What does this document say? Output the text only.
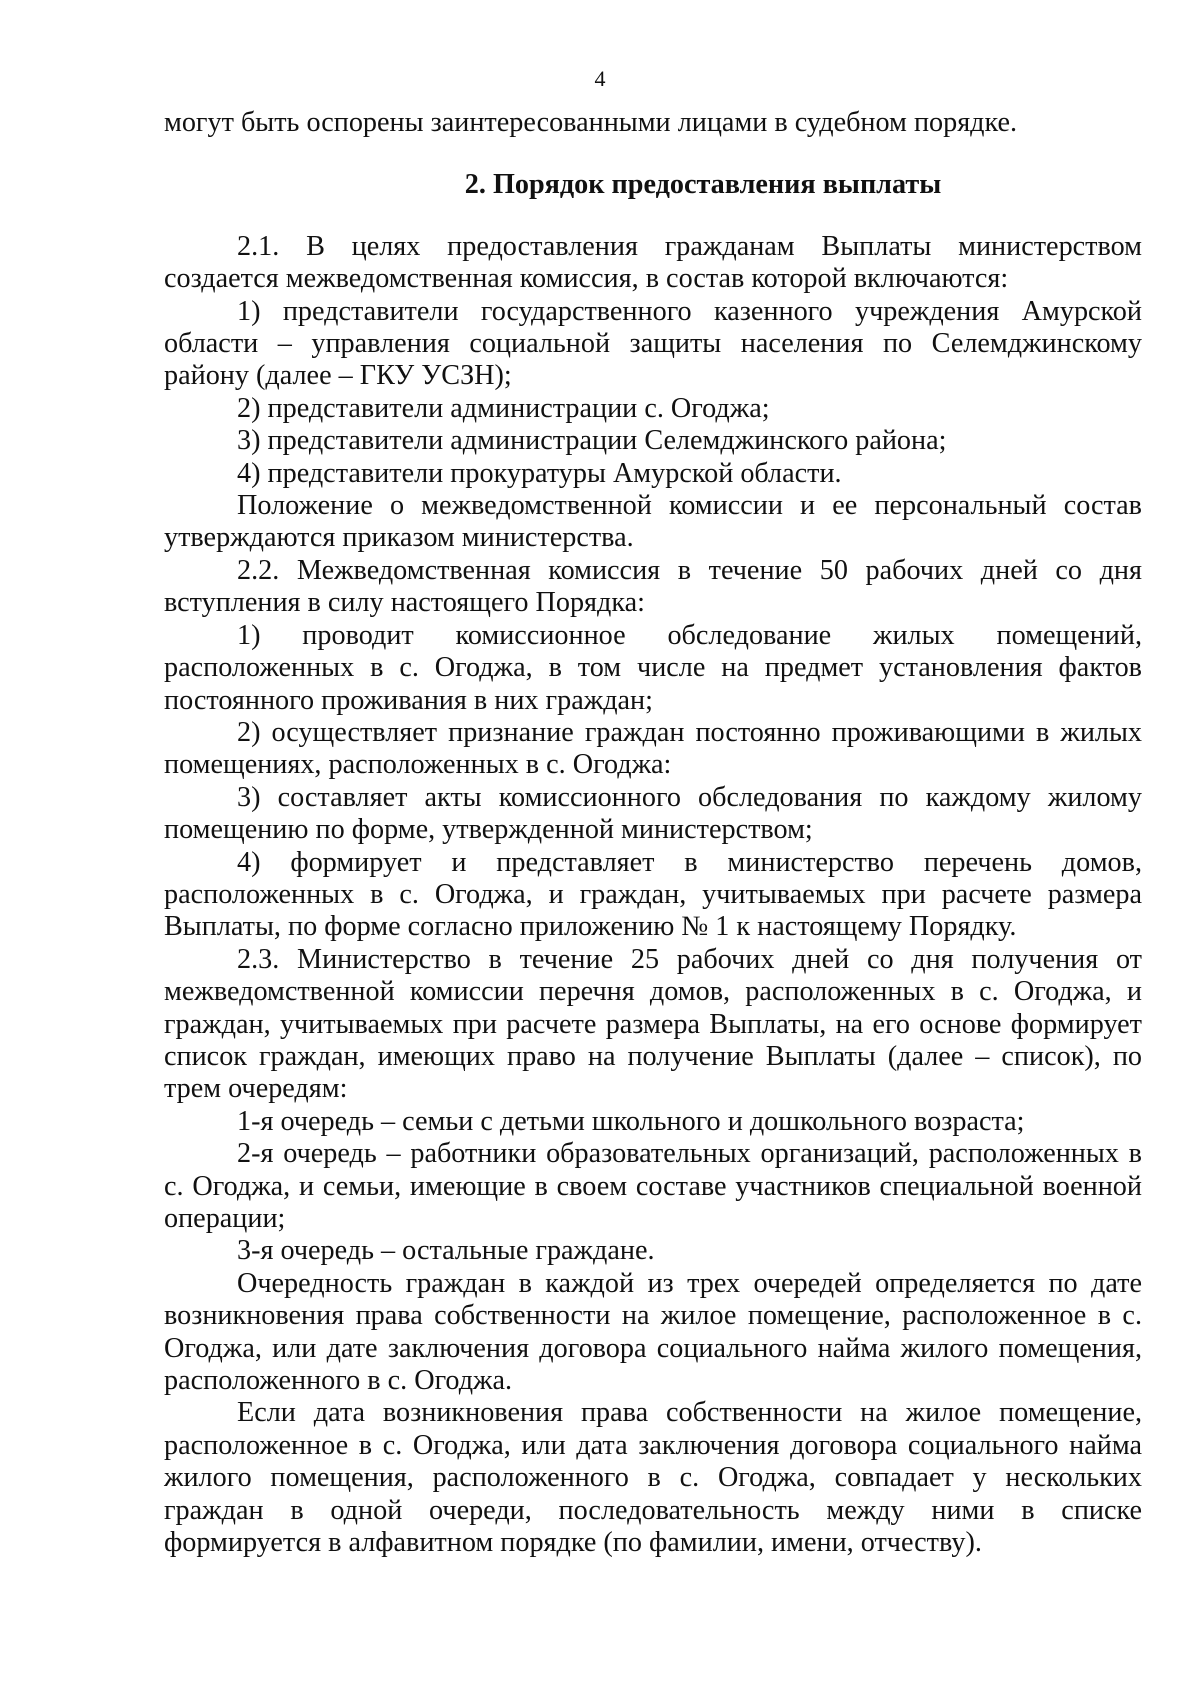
4

могут быть оспорены заинтересованными лицами в судебном порядке.

2. Порядок предоставления выплаты

2.1. В целях предоставления гражданам Выплаты министерством создается межведомственная комиссия, в состав которой включаются:

1) представители государственного казенного учреждения Амурской области – управления социальной защиты населения по Селемджинскому району (далее – ГКУ УСЗН);

2) представители администрации с. Огоджа;

3) представители администрации Селемджинского района;

4) представители прокуратуры Амурской области.

Положение о межведомственной комиссии и ее персональный состав утверждаются приказом министерства.

2.2. Межведомственная комиссия в течение 50 рабочих дней со дня вступления в силу настоящего Порядка:

1) проводит комиссионное обследование жилых помещений, расположенных в с. Огоджа, в том числе на предмет установления фактов постоянного проживания в них граждан;

2) осуществляет признание граждан постоянно проживающими в жилых помещениях, расположенных в с. Огоджа:

3) составляет акты комиссионного обследования по каждому жилому помещению по форме, утвержденной министерством;

4) формирует и представляет в министерство перечень домов, расположенных в с. Огоджа, и граждан, учитываемых при расчете размера Выплаты, по форме согласно приложению № 1 к настоящему Порядку.

2.3. Министерство в течение 25 рабочих дней со дня получения от межведомственной комиссии перечня домов, расположенных в с. Огоджа, и граждан, учитываемых при расчете размера Выплаты, на его основе формирует список граждан, имеющих право на получение Выплаты (далее – список), по трем очередям:

1-я очередь – семьи с детьми школьного и дошкольного возраста;

2-я очередь – работники образовательных организаций, расположенных в с. Огоджа, и семьи, имеющие в своем составе участников специальной военной операции;

3-я очередь – остальные граждане.

Очередность граждан в каждой из трех очередей определяется по дате возникновения права собственности на жилое помещение, расположенное в с. Огоджа, или дате заключения договора социального найма жилого помещения, расположенного в с. Огоджа.

Если дата возникновения права собственности на жилое помещение, расположенное в с. Огоджа, или дата заключения договора социального найма жилого помещения, расположенного в с. Огоджа, совпадает у нескольких граждан в одной очереди, последовательность между ними в списке формируется в алфавитном порядке (по фамилии, имени, отчеству).
